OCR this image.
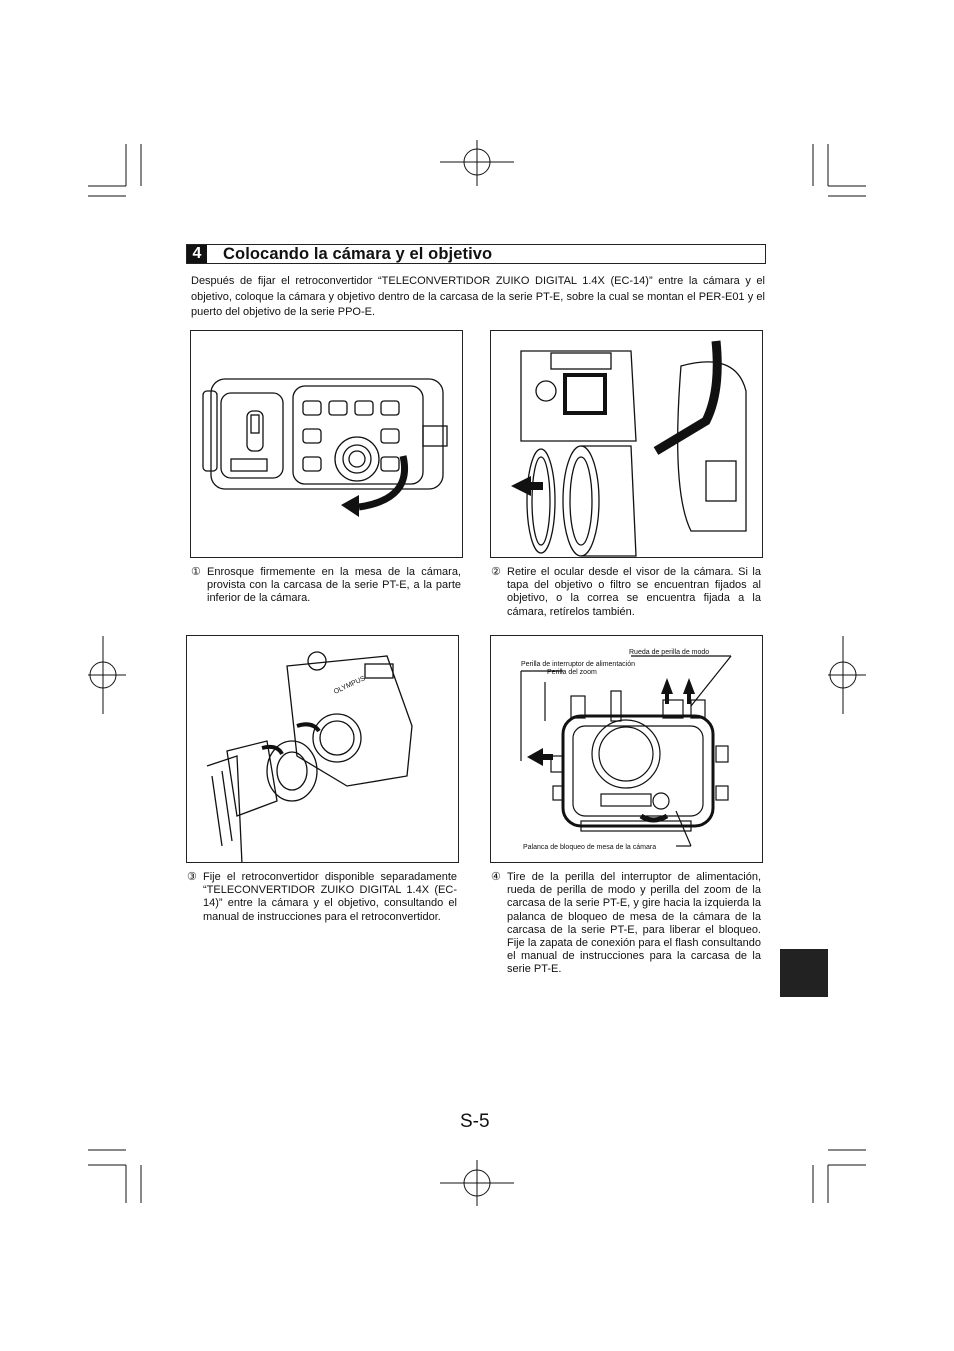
4	Colocando la cámara y el objetivo
Después de fijar el retroconvertidor “TELECONVERTIDOR ZUIKO DIGITAL 1.4X (EC-14)” entre la cámara y el objetivo, coloque la cámara y objetivo dentro de la carcasa de la serie PT-E, sobre la cual se montan el PER-E01 y el puerto del objetivo de la serie PPO-E.
OLYMPUS
Rueda de perilla de modo
Perilla de interruptor de alimentación
Perilla del zoom
Palanca de bloqueo de mesa de la cámara
① Enrosque firmemente en la mesa de la cámara, provista con la carcasa de la serie PT-E, a la parte inferior de la cámara.
② Retire el ocular desde el visor de la cámara. Si la tapa del objetivo o filtro se encuentran fijados al objetivo, o la correa se encuentra fijada a la cámara, retírelos también.
③ Fije el retroconvertidor disponible separadamente “TELECONVERTIDOR ZUIKO DIGITAL 1.4X (EC-14)” entre la cámara y el objetivo, consultando el manual de instrucciones para el retroconvertidor.
④ Tire de la perilla del interruptor de alimentación, rueda de perilla de modo y perilla del zoom de la carcasa de la serie PT-E, y gire hacia la izquierda la palanca de bloqueo de mesa de la cámara de la carcasa de la serie PT-E, para liberar el bloqueo. Fije la zapata de conexión para el flash consultando el manual de instrucciones para la carcasa de la serie PT-E.
S-5
